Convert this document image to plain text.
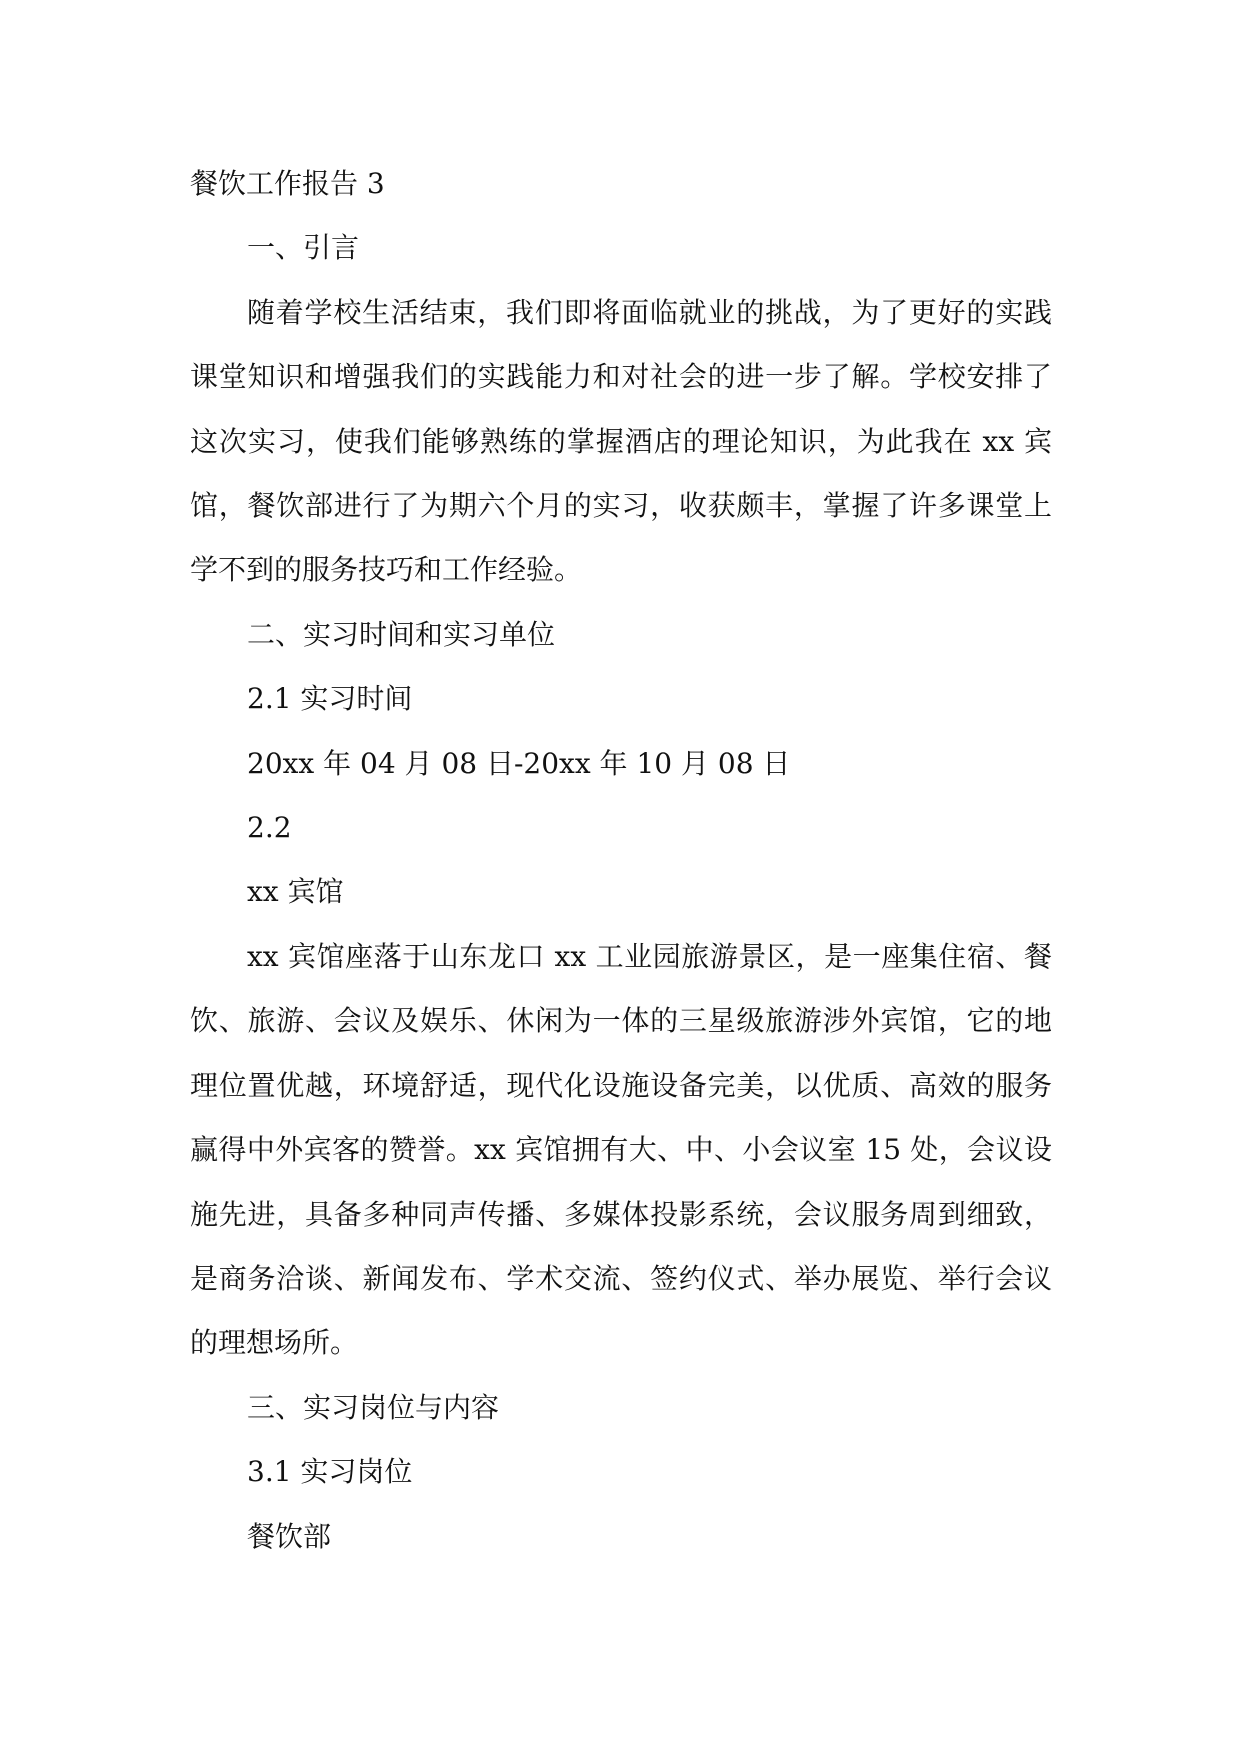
餐饮工作报告 3
一、引言

随着学校生活结束，我们即将面临就业的挑战，为了更好的实践课堂知识和增强我们的实践能力和对社会的进一步了解。学校安排了这次实习，使我们能够熟练的掌握酒店的理论知识，为此我在 xx 宾馆，餐饮部进行了为期六个月的实习，收获颇丰，掌握了许多课堂上学不到的服务技巧和工作经验。

二、实习时间和实习单位
2.1 实习时间
20xx 年 04 月 08 日-20xx 年 10 月 08 日
2.2
xx 宾馆

xx 宾馆座落于山东龙口 xx 工业园旅游景区，是一座集住宿、餐饮、旅游、会议及娱乐、休闲为一体的三星级旅游涉外宾馆，它的地理位置优越，环境舒适，现代化设施设备完美，以优质、高效的服务赢得中外宾客的赞誉。xx 宾馆拥有大、中、小会议室 15 处，会议设施先进，具备多种同声传播、多媒体投影系统，会议服务周到细致，是商务洽谈、新闻发布、学术交流、签约仪式、举办展览、举行会议的理想场所。

三、实习岗位与内容
3.1 实习岗位
餐饮部
